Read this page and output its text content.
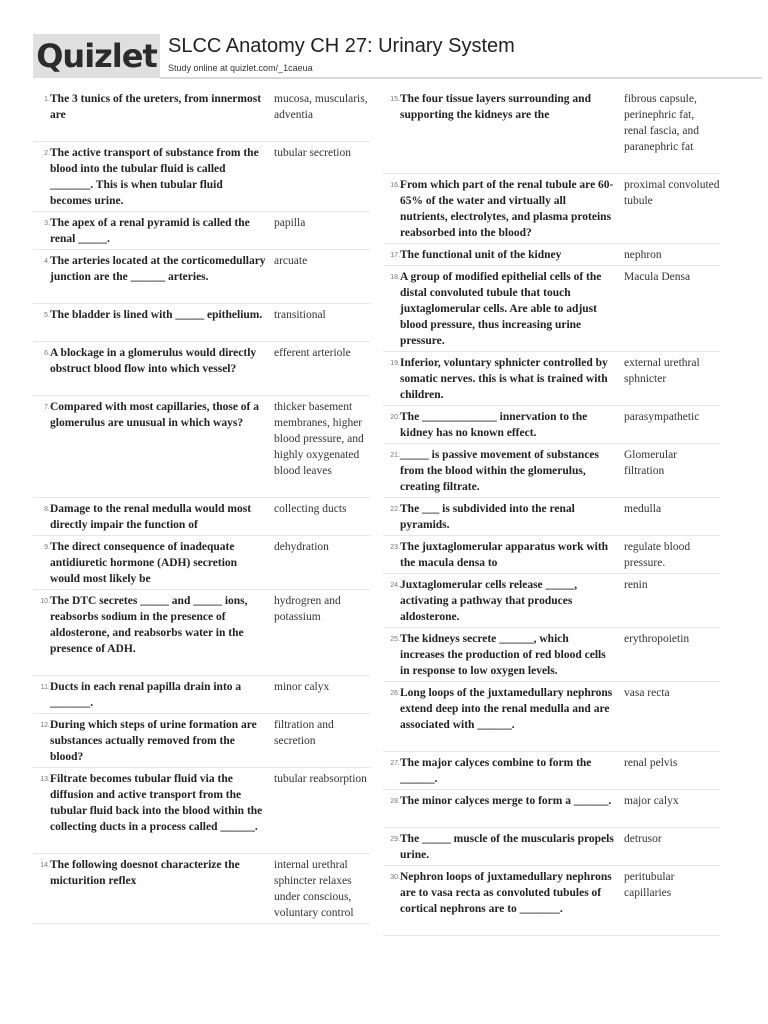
Quizlet SLCC Anatomy CH 27: Urinary System
Study online at quizlet.com/_1caeua
1. The 3 tunics of the ureters, from innermost are
mucosa, muscularis, adventia
2. The active transport of substance from the blood into the tubular fluid is called _______. This is when tubular fluid becomes urine.
tubular secretion
3. The apex of a renal pyramid is called the renal _____.
papilla
4. The arteries located at the corticomedullary junction are the ______ arteries.
arcuate
5. The bladder is lined with _____ epithelium.	transitional
6. A blockage in a glomerulus would directly obstruct blood flow into which vessel?
efferent arteriole
7. Compared with most capillaries, those of a glomerulus are unusual in which ways?
thicker basement membranes, higher blood pressure, and highly oxygenated blood leaves
8. Damage to the renal medulla would most directly impair the function of
collecting ducts
9. The direct consequence of inadequate antidiuretic hormone (ADH) secretion would most likely be
dehydration
10. The DTC secretes _____ and _____ ions, reabsorbs sodium in the presence of aldosterone, and reabsorbs water in the presence of ADH.
hydrogren and potassium
11. Ducts in each renal papilla drain into a _______.
minor calyx
12. During which steps of urine formation are substances actually removed from the blood?
filtration and secretion
13. Filtrate becomes tubular fluid via the diffusion and active transport from the tubular fluid back into the blood within the collecting ducts in a process called ______.
tubular reabsorption
14. The following doesnot characterize the micturition reflex
internal urethral sphincter relaxes under conscious, voluntary control
15. The four tissue layers surrounding and supporting the kidneys are the
fibrous capsule, perinephric fat, renal fascia, and paranephric fat
16. From which part of the renal tubule are 60-65% of the water and virtually all nutrients, electrolytes, and plasma proteins reabsorbed into the blood?
proximal convoluted tubule
17. The functional unit of the kidney	nephron
18. A group of modified epithelial cells of the distal convoluted tubule that touch juxtaglomerular cells. Are able to adjust blood pressure, thus increasing urine pressure.
Macula Densa
19. Inferior, voluntary sphnicter controlled by somatic nerves. this is what is trained with children.
external urethral sphnicter
20. The _____________ innervation to the kidney has no known effect.
parasympathetic
21. _____ is passive movement of substances from the blood within the glomerulus, creating filtrate.
Glomerular filtration
22. The ___ is subdivided into the renal pyramids.
medulla
23. The juxtaglomerular apparatus work with the macula densa to
regulate blood pressure.
24. Juxtaglomerular cells release _____, activating a pathway that produces aldosterone.
renin
25. The kidneys secrete ______, which increases the production of red blood cells in response to low oxygen levels.
erythropoietin
26. Long loops of the juxtamedullary nephrons extend deep into the renal medulla and are associated with ______.
vasa recta
27. The major calyces combine to form the ______.
renal pelvis
28. The minor calyces merge to form a ______.	major calyx
29. The _____ muscle of the muscularis propels urine.
detrusor
30. Nephron loops of juxtamedullary nephrons are to vasa recta as convoluted tubules of cortical nephrons are to _______.
peritubular capillaries
